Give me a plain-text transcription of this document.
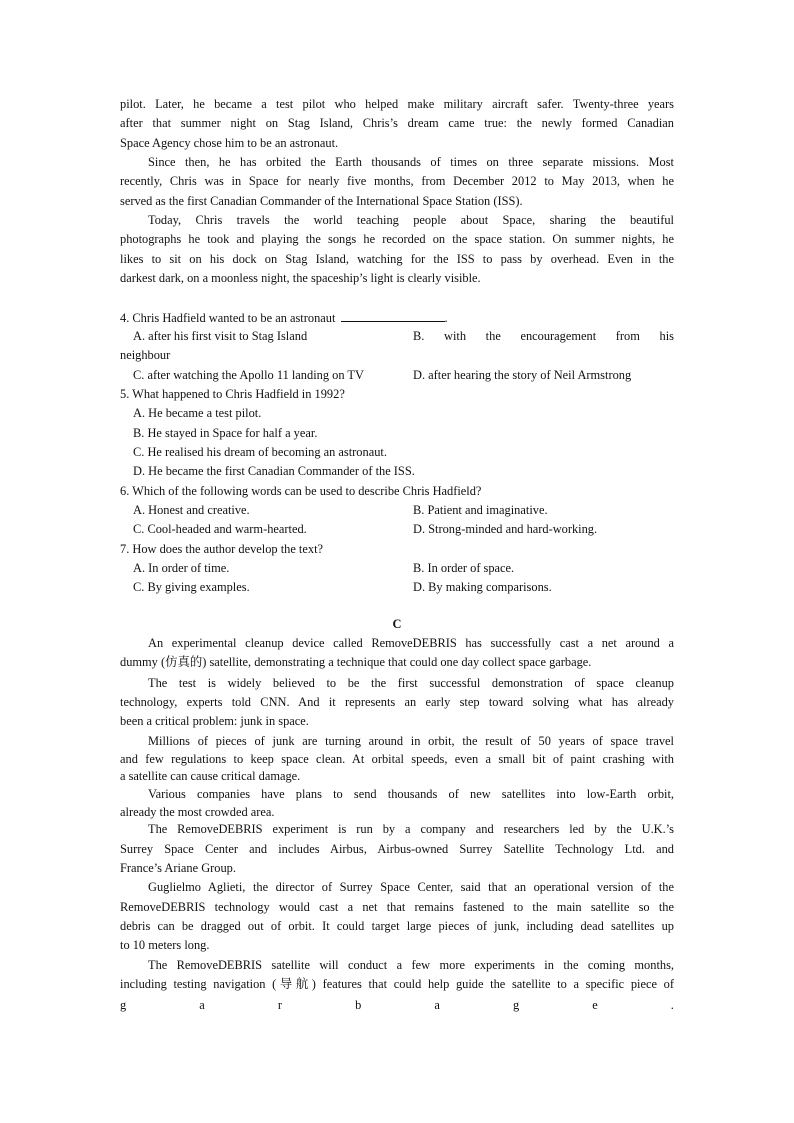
pilot. Later, he became a test pilot who helped make military aircraft safer. Twenty-three years
after that summer night on Stag Island, Chris’s dream came true: the newly formed Canadian
Space Agency chose him to be an astronaut.
Since then, he has orbited the Earth thousands of times on three separate missions. Most
recently, Chris was in Space for nearly five months, from December 2012 to May 2013, when he
served as the first Canadian Commander of the International Space Station (ISS).
Today, Chris travels the world teaching people about Space, sharing the beautiful
photographs he took and playing the songs he recorded on the space station. On summer nights, he
likes to sit on his dock on Stag Island, watching for the ISS to pass by overhead. Even in the
darkest dark, on a moonless night, the spaceship’s light is clearly visible.
4. Chris Hadfield wanted to be an astronaut	.
A. after his first visit to Stag Island	B. with the encouragement from his
neighbour
C. after watching the Apollo 11 landing on TV	D. after hearing the story of Neil Armstrong
5. What happened to Chris Hadfield in 1992?
A. He became a test pilot.
B. He stayed in Space for half a year.
C. He realised his dream of becoming an astronaut.
D. He became the first Canadian Commander of the ISS.
6. Which of the following words can be used to describe Chris Hadfield?
A. Honest and creative.	B. Patient and imaginative.
C. Cool-headed and warm-hearted.	D. Strong-minded and hard-working.
7. How does the author develop the text?
A. In order of time.	B. In order of space.
C. By giving examples.	D. By making comparisons.
C
An experimental cleanup device called RemoveDEBRIS has successfully cast a net around a
dummy (仿真的) satellite, demonstrating a technique that could one day collect space garbage.
The test is widely believed to be the first successful demonstration of space cleanup
technology, experts told CNN. And it represents an early step toward solving what has already
been a critical problem: junk in space.
Millions of pieces of junk are turning around in orbit, the result of 50 years of space travel
and few regulations to keep space clean. At orbital speeds, even a small bit of paint crashing with
a satellite can cause critical damage.
Various companies have plans to send thousands of new satellites into low-Earth orbit,
already the most crowded area.
The RemoveDEBRIS experiment is run by a company and researchers led by the U.K.’s
Surrey Space Center and includes Airbus, Airbus-owned Surrey Satellite Technology Ltd. and
France’s Ariane Group.
Guglielmo Aglieti, the director of Surrey Space Center, said that an operational version of the
RemoveDEBRIS technology would cast a net that remains fastened to the main satellite so the
debris can be dragged out of orbit. It could target large pieces of junk, including dead satellites up
to 10 meters long.
The RemoveDEBRIS satellite will conduct a few more experiments in the coming months,
including testing navigation (导航) features that could help guide the satellite to a specific piece of
g	a	r	b	a	g	e	.
